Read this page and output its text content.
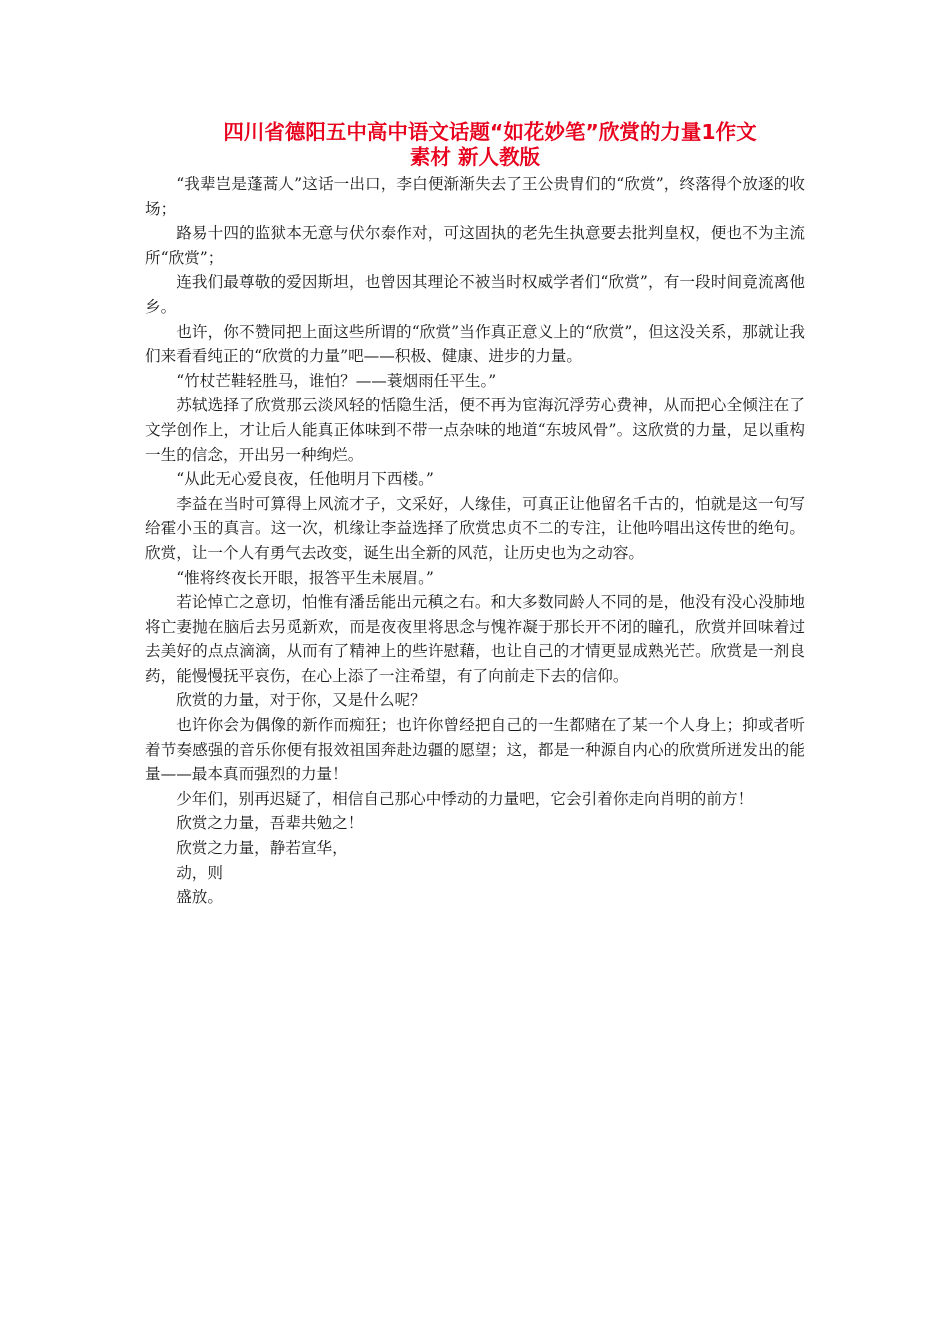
四川省德阳五中高中语文话题“如花妙笔”欣赏的力量1作文
素材 新人教版

“我辈岂是蓬蒿人”这话一出口，李白便渐渐失去了王公贵胄们的“欣赏”，终落得个放逐的收场；

路易十四的监狱本无意与伏尔泰作对，可这固执的老先生执意要去批判皇权，便也不为主流所“欣赏”；

连我们最尊敬的爱因斯坦，也曾因其理论不被当时权威学者们“欣赏”，有一段时间竟流离他乡。

也许，你不赞同把上面这些所谓的“欣赏”当作真正意义上的“欣赏”，但这没关系，那就让我们来看看纯正的“欣赏的力量”吧——积极、健康、进步的力量。

“竹杖芒鞋轻胜马，谁怕？——蓑烟雨任平生。”

苏轼选择了欣赏那云淡风轻的恬隐生活，便不再为宦海沉浮劳心费神，从而把心全倾注在了文学创作上，才让后人能真正体味到不带一点杂味的地道“东坡风骨”。这欣赏的力量，足以重构一生的信念，开出另一种绚烂。

“从此无心爱良夜，任他明月下西楼。”

李益在当时可算得上风流才子，文采好，人缘佳，可真正让他留名千古的，怕就是这一句写给霍小玉的真言。这一次，机缘让李益选择了欣赏忠贞不二的专注，让他吟唱出这传世的绝句。欣赏，让一个人有勇气去改变，诞生出全新的风范，让历史也为之动容。

“惟将终夜长开眼，报答平生未展眉。”

若论悼亡之意切，怕惟有潘岳能出元稹之右。和大多数同龄人不同的是，他没有没心没肺地将亡妻抛在脑后去另觅新欢，而是夜夜里将思念与愧祚凝于那长开不闭的瞳孔，欣赏并回味着过去美好的点点滴滴，从而有了精神上的些许慰藉，也让自己的才情更显成熟光芒。欣赏是一剂良药，能慢慢抚平哀伤，在心上添了一注希望，有了向前走下去的信仰。

欣赏的力量，对于你，又是什么呢？

也许你会为偶像的新作而痴狂；也许你曾经把自己的一生都赌在了某一个人身上；抑或者听着节奏感强的音乐你便有报效祖国奔赴边疆的愿望；这，都是一种源自内心的欣赏所迸发出的能量——最本真而强烈的力量！

少年们，别再迟疑了，相信自己那心中悸动的力量吧，它会引着你走向肖明的前方！

欣赏之力量，吾辈共勉之！

欣赏之力量，静若宣华，

动，则

盛放。
